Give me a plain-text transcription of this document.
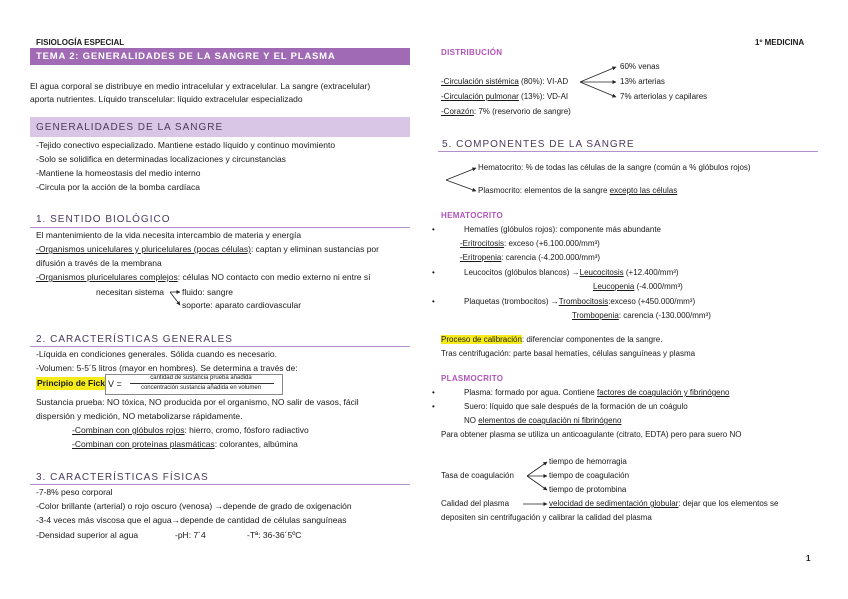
FISIOLOGÍA ESPECIAL	1º MEDICINA
1
TEMA 2: GENERALIDADES DE LA SANGRE Y EL PLASMA
El agua corporal se distribuye en medio intracelular y extracelular. La sangre (extracelular)
aporta nutrientes. Líquido transcelular: líquido extracelular especializado
GENERALIDADES DE LA SANGRE
-Tejido conectivo especializado. Mantiene estado líquido y continuo movimiento
-Solo se solidifica en determinadas localizaciones y circunstancias
-Mantiene la homeostasis del medio interno
-Circula por la acción de la bomba cardíaca
1. SENTIDO BIOLÓGICO
El mantenimiento de la vida necesita intercambio de materia y energía
-Organismos unicelulares y pluricelulares (pocas células): captan y eliminan sustancias por
difusión a través de la membrana
-Organismos pluricelulares complejos: células NO contacto con medio externo ni entre sí
necesitan sistema fluido: sangre
soporte: aparato cardiovascular
2. CARACTERÍSTICAS GENERALES
-Líquida en condiciones generales. Sólida cuando es necesario.
-Volumen: 5-5´5 litros (mayor en hombres). Se determina a través de:
Principio de Fick V =
cantidad de sustancia prueba añadida
concentración sustancia añadida en volumen
Sustancia prueba: NO tóxica, NO producida por el organismo, NO salir de vasos, fácil
dispersión y medición, NO metabolizarse rápidamente.
-Combinan con glóbulos rojos: hierro, cromo, fósforo radiactivo
-Combinan con proteínas plasmáticas: colorantes, albúmina
3. CARACTERÍSTICAS FÍSICAS
-7-8% peso corporal
-Color brillante (arterial) o rojo oscuro (venosa) →depende de grado de oxigenación
-3-4 veces más viscosa que el agua→depende de cantidad de células sanguíneas
-Densidad superior al agua	-pH: 7´4	-Tª: 36-36´5ºC
DISTRIBUCIÓN
60% venas
13% arterias
7% arteriolas y capilares
-Circulación sistémica (80%): VI-AD
-Circulación pulmonar (13%): VD-AI
-Corazón: 7% (reservorio de sangre)
5. COMPONENTES DE LA SANGRE
Hematocrito: % de todas las células de la sangre (común a % glóbulos rojos)
Plasmocrito: elementos de la sangre excepto las células
HEMATOCRITO
Hematíes (glóbulos rojos): componente más abundante
-Eritrocitosis: exceso (+6.100.000/mm³)
-Eritropenia: carencia (-4.200.000/mm³)
Leucocitos (glóbulos blancos) →Leucocitosis (+12.400/mm³)
Leucopenia (-4.000/mm³)
Plaquetas (trombocitos) →Trombocitosis:exceso (+450.000/mm³)
Trombopenia: carencia (-130.000/mm³)
Proceso de calibración: diferenciar componentes de la sangre.
Tras centrifugación: parte basal hematíes, células sanguíneas y plasma
PLASMOCRITO
Plasma: formado por agua. Contiene factores de coagulación y fibrinógeno
Suero: líquido que sale después de la formación de un coágulo
NO elementos de coagulación ni fibrinógeno
Para obtener plasma se utiliza un anticoagulante (citrato, EDTA) pero para suero NO
Tasa de coagulación
tiempo de hemorragia
tiempo de coagulación
tiempo de protombina
Calidad del plasma	velocidad de sedimentación globular: dejar que los elementos se
depositen sin centrifugación y calibrar la calidad del plasma
